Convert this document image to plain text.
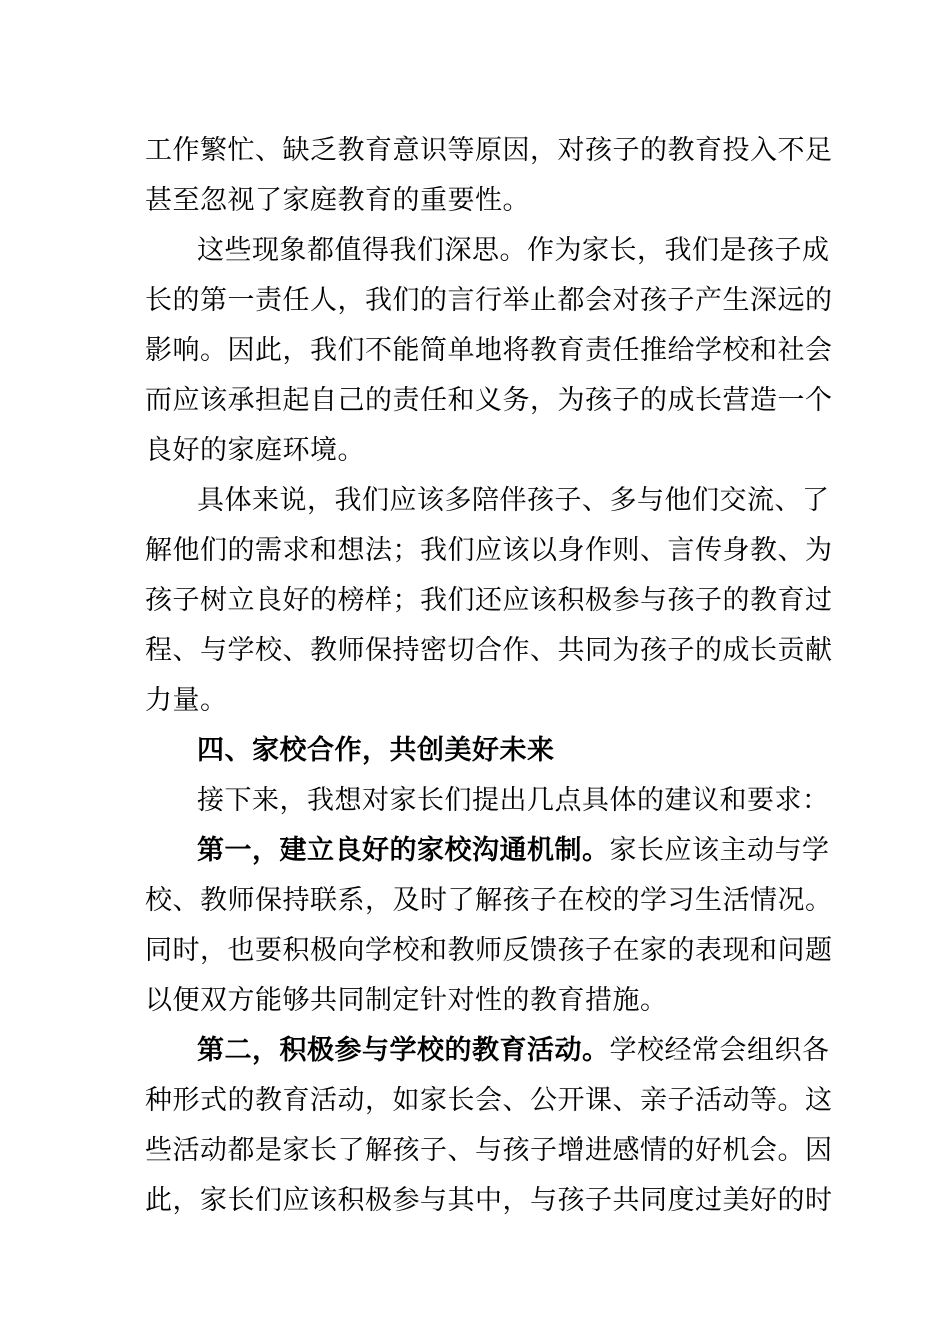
工作繁忙、缺乏教育意识等原因，对孩子的教育投入不足
甚至忽视了家庭教育的重要性。

这些现象都值得我们深思。作为家长，我们是孩子成
长的第一责任人，我们的言行举止都会对孩子产生深远的
影响。因此，我们不能简单地将教育责任推给学校和社会
而应该承担起自己的责任和义务，为孩子的成长营造一个
良好的家庭环境。

具体来说，我们应该多陪伴孩子、多与他们交流、了
解他们的需求和想法；我们应该以身作则、言传身教、为
孩子树立良好的榜样；我们还应该积极参与孩子的教育过
程、与学校、教师保持密切合作、共同为孩子的成长贡献
力量。

四、家校合作，共创美好未来

接下来，我想对家长们提出几点具体的建议和要求：

第一，建立良好的家校沟通机制。家长应该主动与学
校、教师保持联系，及时了解孩子在校的学习生活情况。
同时，也要积极向学校和教师反馈孩子在家的表现和问题
以便双方能够共同制定针对性的教育措施。

第二，积极参与学校的教育活动。学校经常会组织各
种形式的教育活动，如家长会、公开课、亲子活动等。这
些活动都是家长了解孩子、与孩子增进感情的好机会。因
此，家长们应该积极参与其中，与孩子共同度过美好的时
